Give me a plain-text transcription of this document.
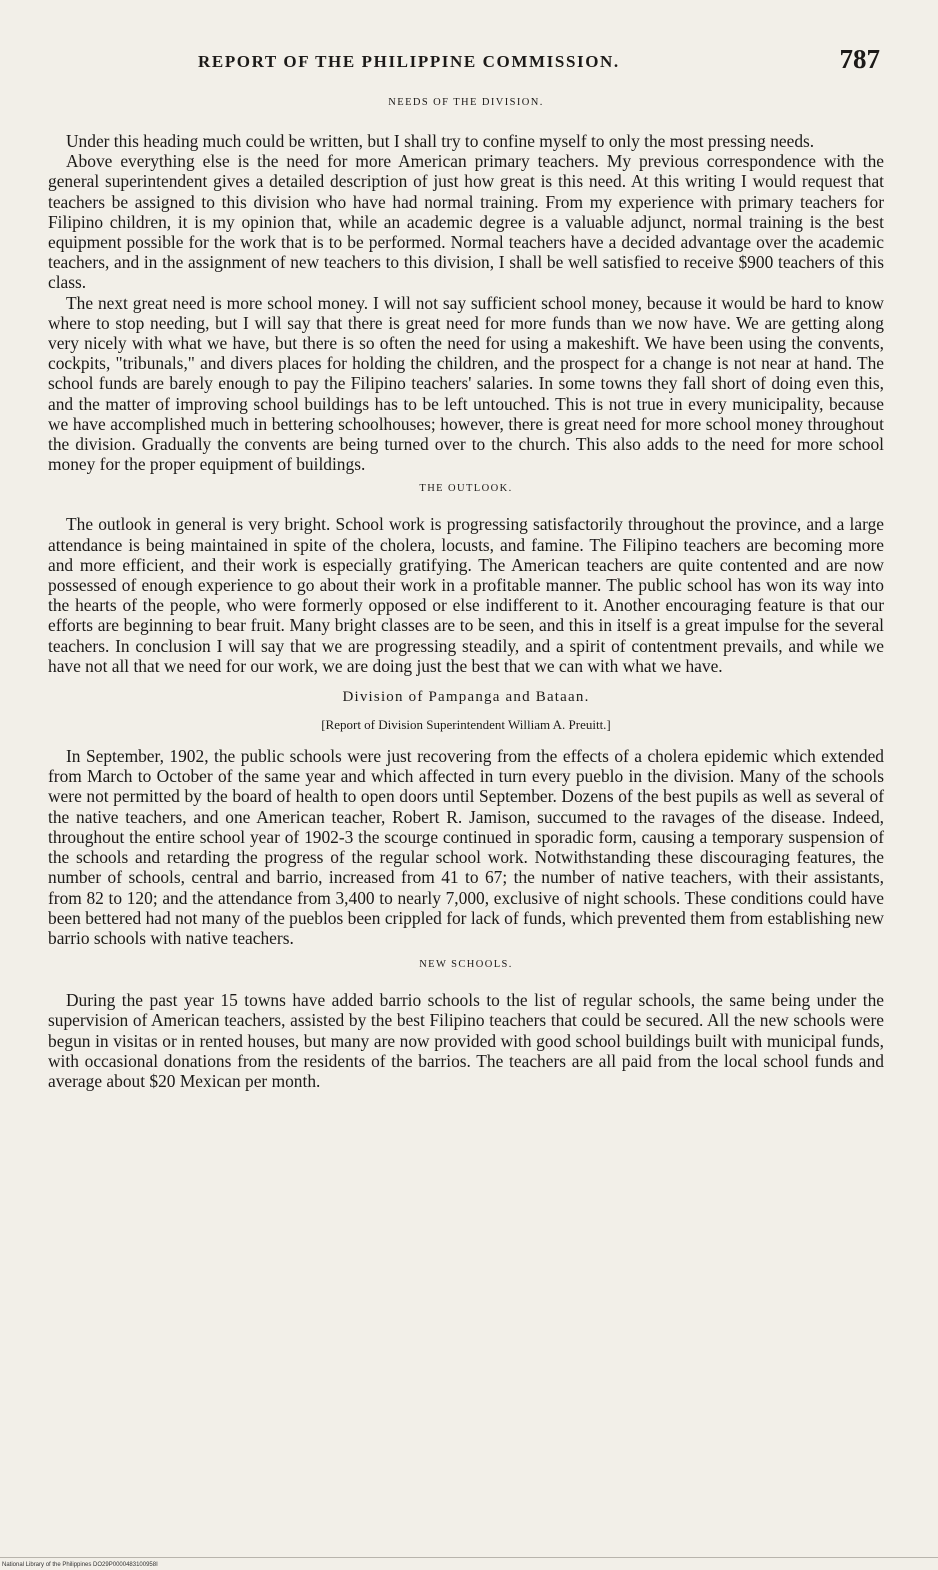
REPORT OF THE PHILIPPINE COMMISSION.	787

NEEDS OF THE DIVISION.

Under this heading much could be written, but I shall try to confine myself to only the most pressing needs.

Above everything else is the need for more American primary teachers. My previous correspondence with the general superintendent gives a detailed description of just how great is this need. At this writing I would request that teachers be assigned to this division who have had normal training. From my experience with primary teachers for Filipino children, it is my opinion that, while an academic degree is a valuable adjunct, normal training is the best equipment possible for the work that is to be performed. Normal teachers have a decided advantage over the academic teachers, and in the assignment of new teachers to this division, I shall be well satisfied to receive $900 teachers of this class.

The next great need is more school money. I will not say sufficient school money, because it would be hard to know where to stop needing, but I will say that there is great need for more funds than we now have. We are getting along very nicely with what we have, but there is so often the need for using a makeshift. We have been using the convents, cockpits, "tribunals," and divers places for holding the children, and the prospect for a change is not near at hand. The school funds are barely enough to pay the Filipino teachers' salaries. In some towns they fall short of doing even this, and the matter of improving school buildings has to be left untouched. This is not true in every municipality, because we have accomplished much in bettering schoolhouses; however, there is great need for more school money throughout the division. Gradually the convents are being turned over to the church. This also adds to the need for more school money for the proper equipment of buildings.

THE OUTLOOK.

The outlook in general is very bright. School work is progressing satisfactorily throughout the province, and a large attendance is being maintained in spite of the cholera, locusts, and famine. The Filipino teachers are becoming more and more efficient, and their work is especially gratifying. The American teachers are quite contented and are now possessed of enough experience to go about their work in a profitable manner. The public school has won its way into the hearts of the people, who were formerly opposed or else indifferent to it. Another encouraging feature is that our efforts are beginning to bear fruit. Many bright classes are to be seen, and this in itself is a great impulse for the several teachers. In conclusion I will say that we are progressing steadily, and a spirit of contentment prevails, and while we have not all that we need for our work, we are doing just the best that we can with what we have.

Division of Pampanga and Bataan.

[Report of Division Superintendent William A. Preuitt.]

In September, 1902, the public schools were just recovering from the effects of a cholera epidemic which extended from March to October of the same year and which affected in turn every pueblo in the division. Many of the schools were not permitted by the board of health to open doors until September. Dozens of the best pupils as well as several of the native teachers, and one American teacher, Robert R. Jamison, succumed to the ravages of the disease. Indeed, throughout the entire school year of 1902-3 the scourge continued in sporadic form, causing a temporary suspension of the schools and retarding the progress of the regular school work. Notwithstanding these discouraging features, the number of schools, central and barrio, increased from 41 to 67; the number of native teachers, with their assistants, from 82 to 120; and the attendance from 3,400 to nearly 7,000, exclusive of night schools. These conditions could have been bettered had not many of the pueblos been crippled for lack of funds, which prevented them from establishing new barrio schools with native teachers.

NEW SCHOOLS.

During the past year 15 towns have added barrio schools to the list of regular schools, the same being under the supervision of American teachers, assisted by the best Filipino teachers that could be secured. All the new schools were begun in visitas or in rented houses, but many are now provided with good school buildings built with municipal funds, with occasional donations from the residents of the barrios. The teachers are all paid from the local school funds and average about $20 Mexican per month.

National Library of the Philippines DO29P0000483100958I
